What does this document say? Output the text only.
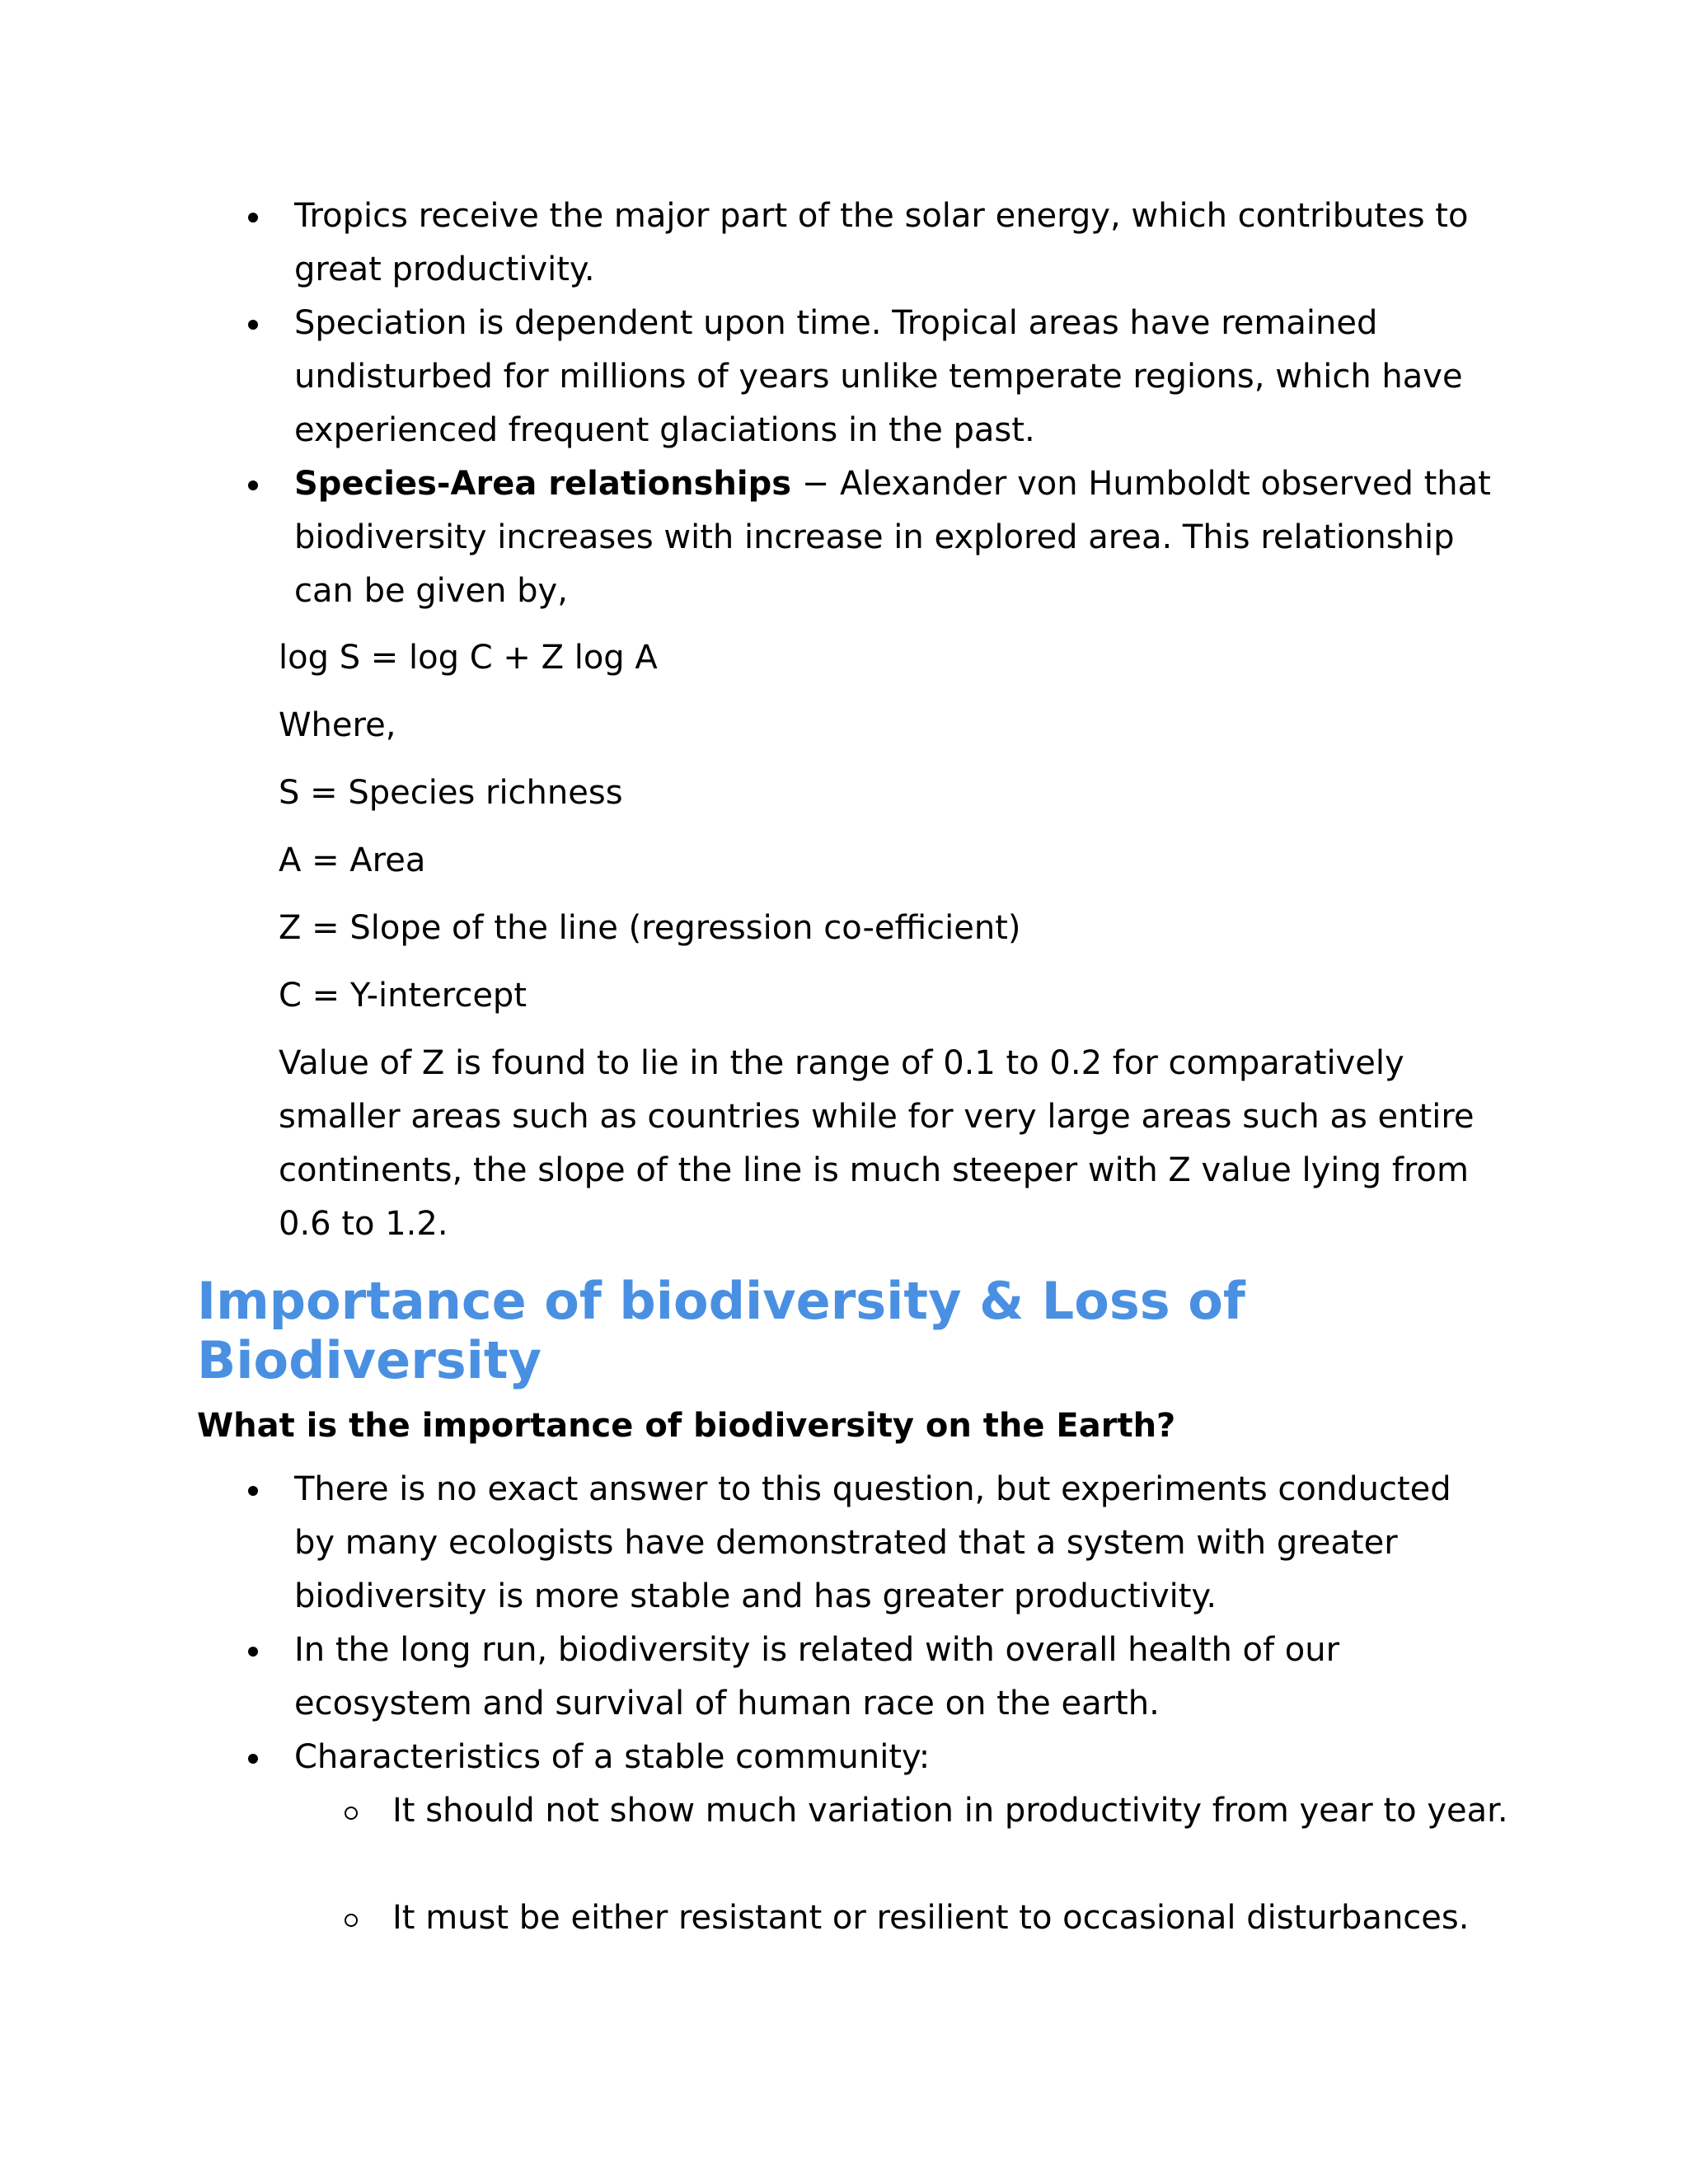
Tropics receive the major part of the solar energy, which contributes to great productivity.
Speciation is dependent upon time. Tropical areas have remained undisturbed for millions of years unlike temperate regions, which have experienced frequent glaciations in the past.
Species-Area relationships − Alexander von Humboldt observed that biodiversity increases with increase in explored area. This relationship can be given by,

log S = log C + Z log A

Where,

S = Species richness

A = Area

Z = Slope of the line (regression co-efficient)

C = Y-intercept

Value of Z is found to lie in the range of 0.1 to 0.2 for comparatively smaller areas such as countries while for very large areas such as entire continents, the slope of the line is much steeper with Z value lying from 0.6 to 1.2.

Importance of biodiversity & Loss of Biodiversity
What is the importance of biodiversity on the Earth?
There is no exact answer to this question, but experiments conducted by many ecologists have demonstrated that a system with greater biodiversity is more stable and has greater productivity.
In the long run, biodiversity is related with overall health of our ecosystem and survival of human race on the earth.
Characteristics of a stable community:
It should not show much variation in productivity from year to year.
It must be either resistant or resilient to occasional disturbances.
